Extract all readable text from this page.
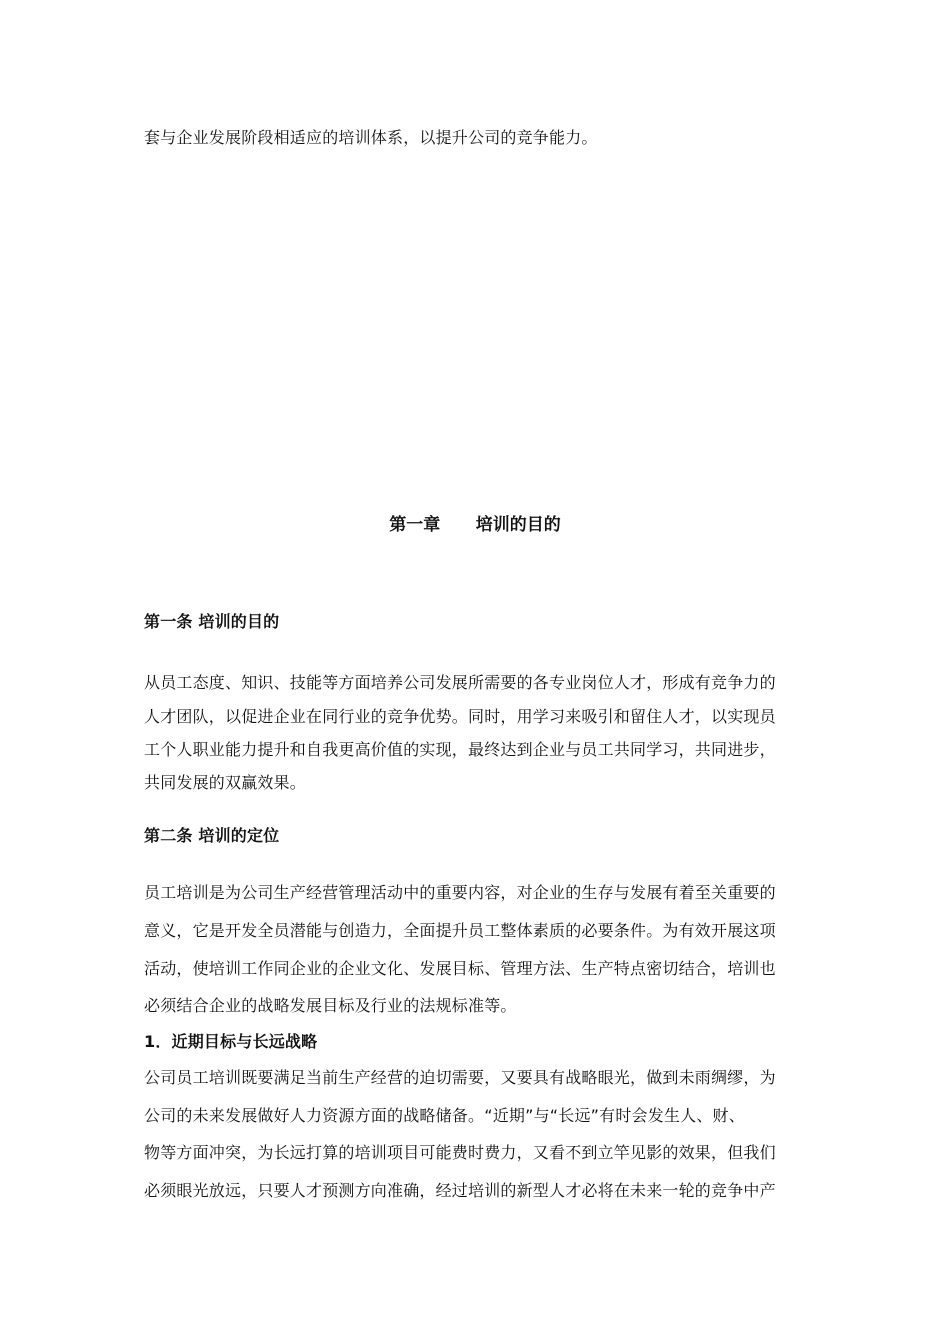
套与企业发展阶段相适应的培训体系，以提升公司的竞争能力。
第一章      培训的目的
第一条 培训的目的
从员工态度、知识、技能等方面培养公司发展所需要的各专业岗位人才，形成有竞争力的
人才团队，以促进企业在同行业的竞争优势。同时，用学习来吸引和留住人才，以实现员
工个人职业能力提升和自我更高价值的实现，最终达到企业与员工共同学习，共同进步，
共同发展的双赢效果。
第二条 培训的定位
员工培训是为公司生产经营管理活动中的重要内容，对企业的生存与发展有着至关重要的
意义，它是开发全员潜能与创造力，全面提升员工整体素质的必要条件。为有效开展这项
活动，使培训工作同企业的企业文化、发展目标、管理方法、生产特点密切结合，培训也
必须结合企业的战略发展目标及行业的法规标准等。
1．近期目标与长远战略
公司员工培训既要满足当前生产经营的迫切需要，又要具有战略眼光，做到未雨绸缪，为
公司的未来发展做好人力资源方面的战略储备。“近期”与“长远”有时会发生人、财、
物等方面冲突，为长远打算的培训项目可能费时费力，又看不到立竿见影的效果，但我们
必须眼光放远，只要人才预测方向准确，经过培训的新型人才必将在未来一轮的竞争中产
